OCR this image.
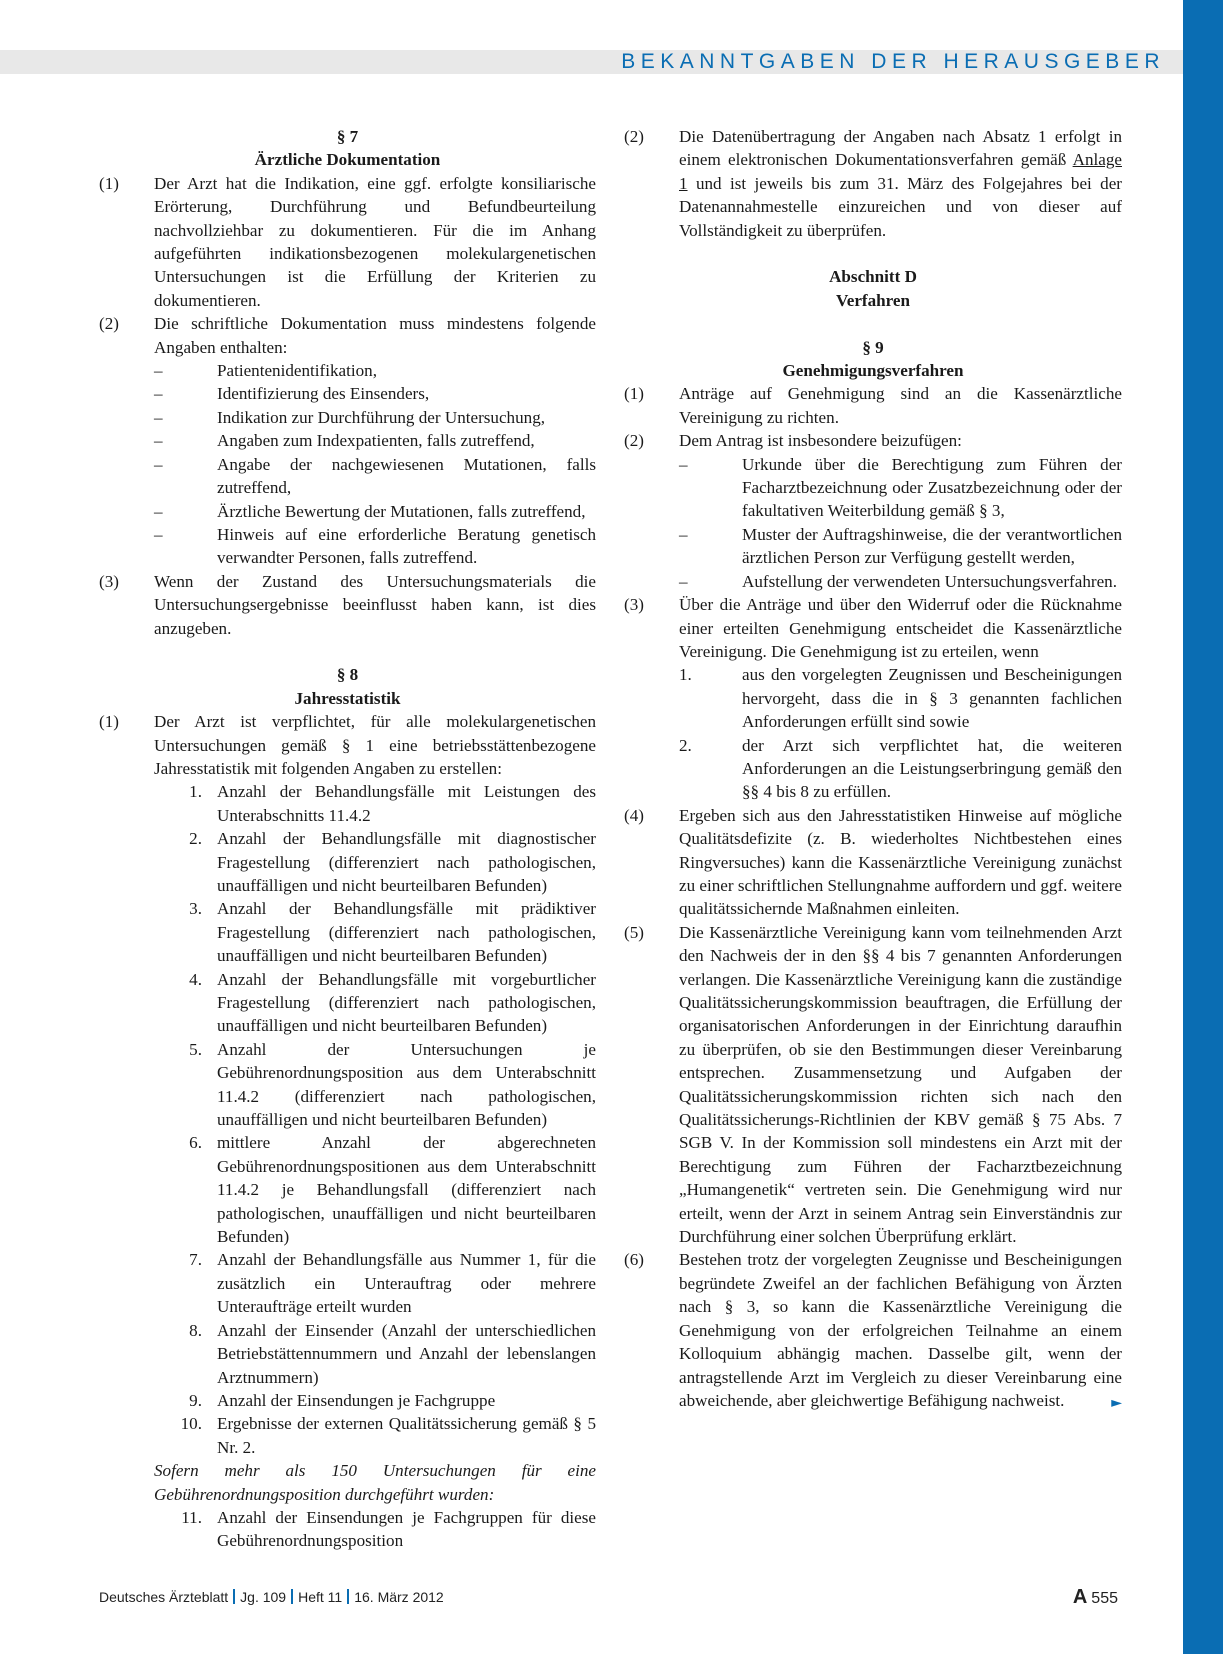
BEKANNTGABEN DER HERAUSGEBER

§ 7

Ärztliche Dokumentation

(1)	Der Arzt hat die Indikation, eine ggf. erfolgte konsiliarische Erörterung, Durchführung und Befundbeurteilung nachvollziehbar zu dokumentieren. Für die im Anhang aufgeführten indikationsbezogenen molekulargenetischen Untersuchungen ist die Erfüllung der Kriterien zu dokumentieren.
(2)	Die schriftliche Dokumentation muss mindestens folgende Angaben enthalten:
–	Patientenidentifikation,
–	Identifizierung des Einsenders,
–	Indikation zur Durchführung der Untersuchung,
–	Angaben zum Indexpatienten, falls zutreffend,
–	Angabe der nachgewiesenen Mutationen, falls zutreffend,
–	Ärztliche Bewertung der Mutationen, falls zutreffend,
–	Hinweis auf eine erforderliche Beratung genetisch verwandter Personen, falls zutreffend.
(3)	Wenn der Zustand des Untersuchungsmaterials die Untersuchungsergebnisse beeinflusst haben kann, ist dies anzugeben.

§ 8

Jahresstatistik

(1)	Der Arzt ist verpflichtet, für alle molekulargenetischen Untersuchungen gemäß § 1 eine betriebsstättenbezogene Jahresstatistik mit folgenden Angaben zu erstellen:
1. Anzahl der Behandlungsfälle mit Leistungen des Unterabschnitts 11.4.2
2. Anzahl der Behandlungsfälle mit diagnostischer Fragestellung (differenziert nach pathologischen, unauffälligen und nicht beurteilbaren Befunden)
3. Anzahl der Behandlungsfälle mit prädiktiver Fragestellung (differenziert nach pathologischen, unauffälligen und nicht beurteilbaren Befunden)
4. Anzahl der Behandlungsfälle mit vorgeburtlicher Fragestellung (differenziert nach pathologischen, unauffälligen und nicht beurteilbaren Befunden)
5. Anzahl der Untersuchungen je Gebührenordnungsposition aus dem Unterabschnitt 11.4.2 (differenziert nach pathologischen, unauffälligen und nicht beurteilbaren Befunden)
6. mittlere Anzahl der abgerechneten Gebührenordnungspositionen aus dem Unterabschnitt 11.4.2 je Behandlungsfall (differenziert nach pathologischen, unauffälligen und nicht beurteilbaren Befunden)
7. Anzahl der Behandlungsfälle aus Nummer 1, für die zusätzlich ein Unterauftrag oder mehrere Unteraufträge erteilt wurden
8. Anzahl der Einsender (Anzahl der unterschiedlichen Betriebstättennummern und Anzahl der lebenslangen Arztnummern)
9. Anzahl der Einsendungen je Fachgruppe
10. Ergebnisse der externen Qualitätssicherung gemäß § 5 Nr. 2.

Sofern mehr als 150 Untersuchungen für eine Gebührenordnungsposition durchgeführt wurden:

11. Anzahl der Einsendungen je Fachgruppen für diese Gebührenordnungsposition
(2)	Die Datenübertragung der Angaben nach Absatz 1 erfolgt in einem elektronischen Dokumentationsverfahren gemäß Anlage 1 und ist jeweils bis zum 31. März des Folgejahres bei der Datenannahmestelle einzureichen und von dieser auf Vollständigkeit zu überprüfen.

Abschnitt D

Verfahren

§ 9

Genehmigungsverfahren

(1)	Anträge auf Genehmigung sind an die Kassenärztliche Vereinigung zu richten.
(2)	Dem Antrag ist insbesondere beizufügen:
–	Urkunde über die Berechtigung zum Führen der Facharztbezeichnung oder Zusatzbezeichnung oder der fakultativen Weiterbildung gemäß § 3,
–	Muster der Auftragshinweise, die der verantwortlichen ärztlichen Person zur Verfügung gestellt werden,
–	Aufstellung der verwendeten Untersuchungsverfahren.
(3)	Über die Anträge und über den Widerruf oder die Rücknahme einer erteilten Genehmigung entscheidet die Kassenärztliche Vereinigung. Die Genehmigung ist zu erteilen, wenn
1.	aus den vorgelegten Zeugnissen und Bescheinigungen hervorgeht, dass die in § 3 genannten fachlichen Anforderungen erfüllt sind sowie
2.	der Arzt sich verpflichtet hat, die weiteren Anforderungen an die Leistungserbringung gemäß den §§ 4 bis 8 zu erfüllen.
(4)	Ergeben sich aus den Jahresstatistiken Hinweise auf mögliche Qualitätsdefizite (z. B. wiederholtes Nichtbestehen eines Ringversuches) kann die Kassenärztliche Vereinigung zunächst zu einer schriftlichen Stellungnahme auffordern und ggf. weitere qualitätssichernde Maßnahmen einleiten.
(5)	Die Kassenärztliche Vereinigung kann vom teilnehmenden Arzt den Nachweis der in den §§ 4 bis 7 genannten Anforderungen verlangen. Die Kassenärztliche Vereinigung kann die zuständige Qualitätssicherungskommission beauftragen, die Erfüllung der organisatorischen Anforderungen in der Einrichtung daraufhin zu überprüfen, ob sie den Bestimmungen dieser Vereinbarung entsprechen. Zusammensetzung und Aufgaben der Qualitätssicherungskommission richten sich nach den Qualitätssicherungs-Richtlinien der KBV gemäß § 75 Abs. 7 SGB V. In der Kommission soll mindestens ein Arzt mit der Berechtigung zum Führen der Facharztbezeichnung „Humangenetik“ vertreten sein. Die Genehmigung wird nur erteilt, wenn der Arzt in seinem Antrag sein Einverständnis zur Durchführung einer solchen Überprüfung erklärt.
(6)	Bestehen trotz der vorgelegten Zeugnisse und Bescheinigungen begründete Zweifel an der fachlichen Befähigung von Ärzten nach § 3, so kann die Kassenärztliche Vereinigung die Genehmigung von der erfolgreichen Teilnahme an einem Kolloquium abhängig machen. Dasselbe gilt, wenn der antragstellende Arzt im Vergleich zu dieser Vereinbarung eine abweichende, aber gleichwertige Befähigung nachweist.	►
Deutsches Ärzteblatt Jg. 109 Heft 11 16. März 2012	A 555
